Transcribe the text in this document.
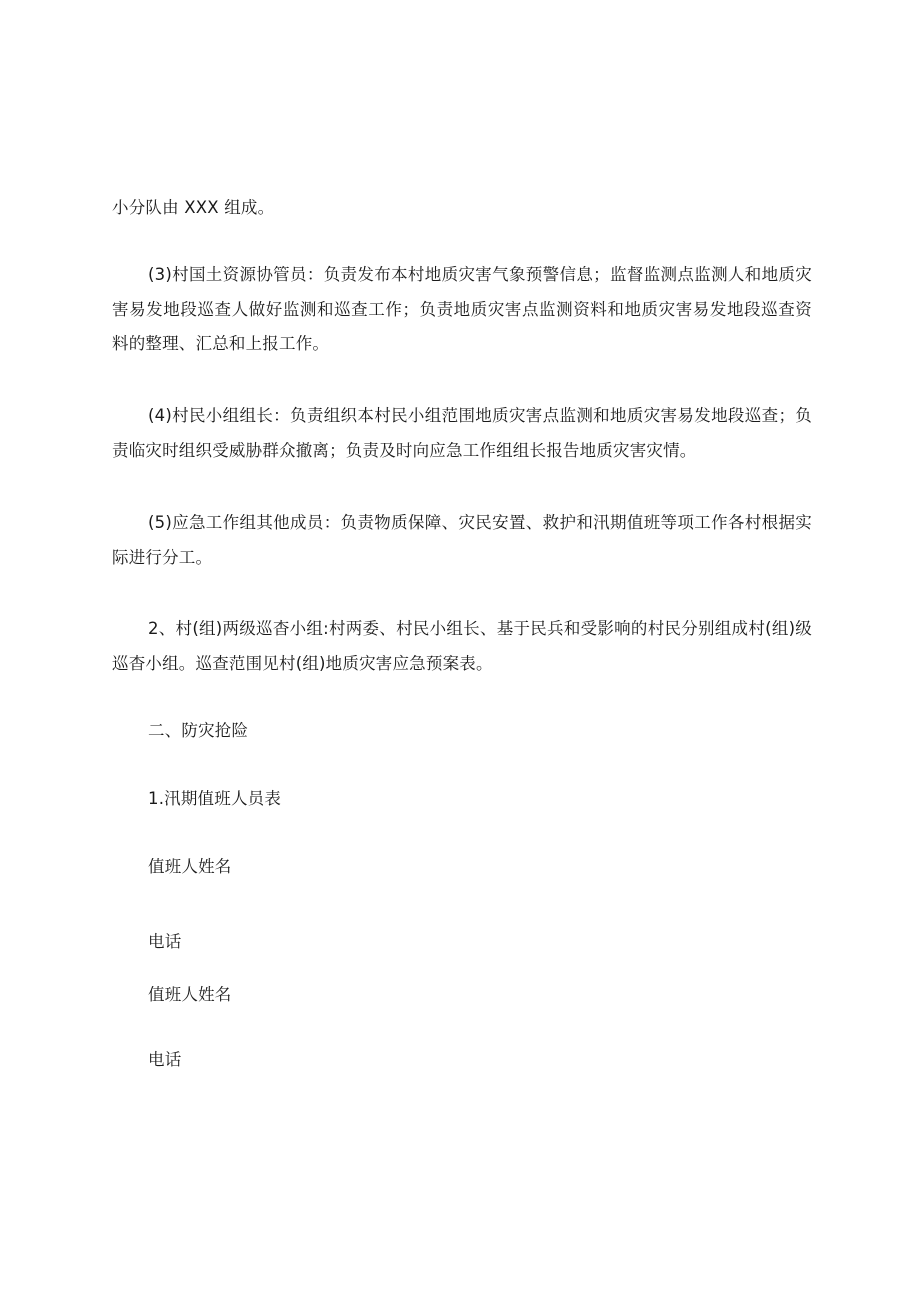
小分队由 XXX 组成。
(3)村国土资源协管员：负责发布本村地质灾害气象预警信息；监督监测点监测人和地质灾害易发地段巡查人做好监测和巡查工作；负责地质灾害点监测资料和地质灾害易发地段巡查资料的整理、汇总和上报工作。
(4)村民小组组长：负责组织本村民小组范围地质灾害点监测和地质灾害易发地段巡查；负责临灾时组织受威胁群众撤离；负责及时向应急工作组组长报告地质灾害灾情。
(5)应急工作组其他成员：负责物质保障、灾民安置、救护和汛期值班等项工作各村根据实际进行分工。
2、村(组)两级巡杳小组:村两委、村民小组长、基于民兵和受影响的村民分别组成村(组)级巡杳小组。巡查范围见村(组)地质灾害应急预案表。
二、防灾抢险
1.汛期值班人员表
值班人姓名
电话
值班人姓名
电话
